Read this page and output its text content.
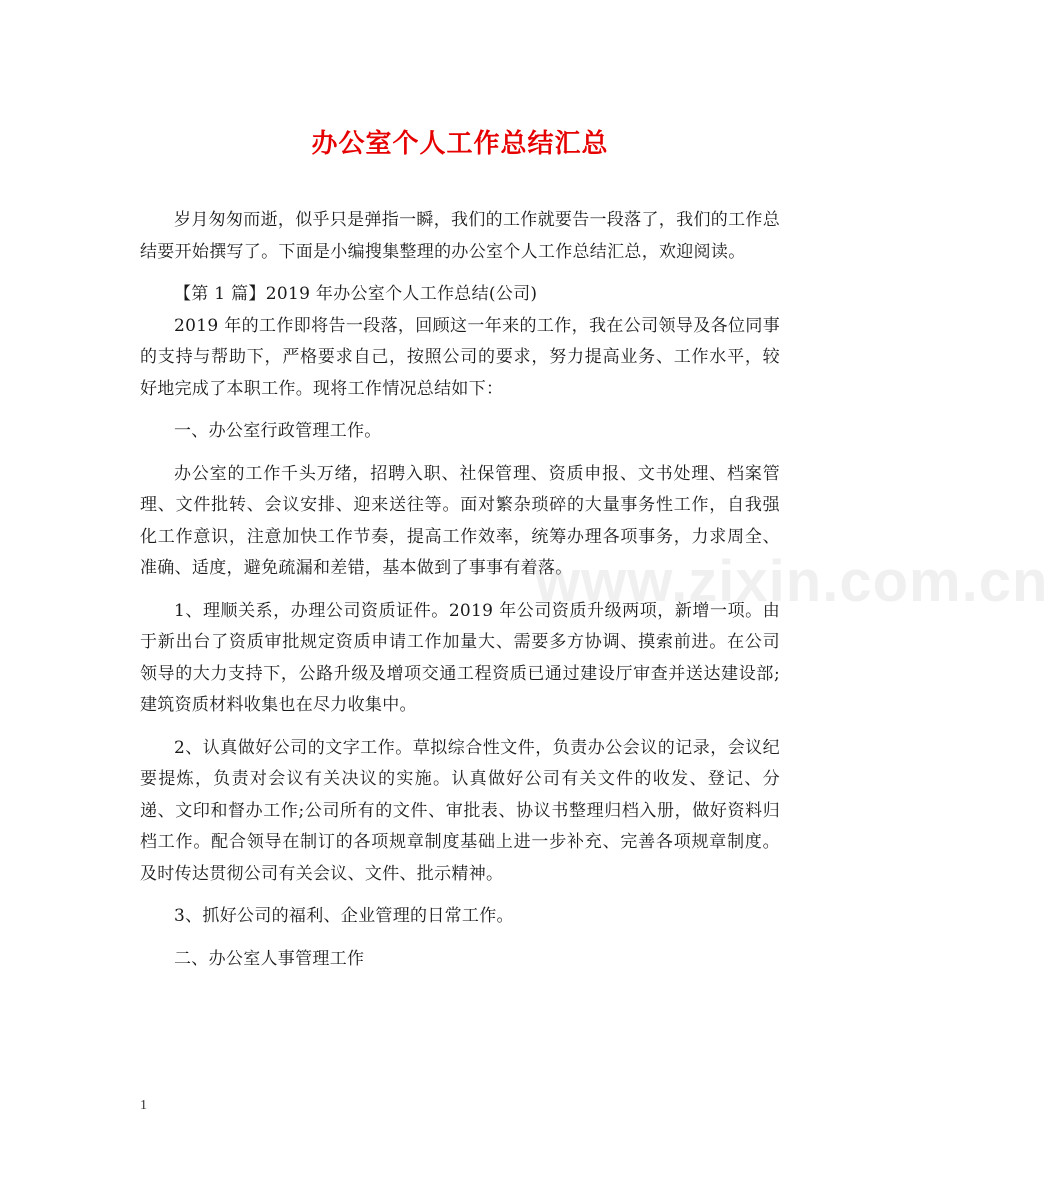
办公室个人工作总结汇总

岁月匆匆而逝，似乎只是弹指一瞬，我们的工作就要告一段落了，我们的工作总结要开始撰写了。下面是小编搜集整理的办公室个人工作总结汇总，欢迎阅读。

【第 1 篇】2019 年办公室个人工作总结(公司)

2019 年的工作即将告一段落，回顾这一年来的工作，我在公司领导及各位同事的支持与帮助下，严格要求自己，按照公司的要求，努力提高业务、工作水平，较好地完成了本职工作。现将工作情况总结如下：

一、办公室行政管理工作。

办公室的工作千头万绪，招聘入职、社保管理、资质申报、文书处理、档案管理、文件批转、会议安排、迎来送往等。面对繁杂琐碎的大量事务性工作，自我强化工作意识，注意加快工作节奏，提高工作效率，统筹办理各项事务，力求周全、准确、适度，避免疏漏和差错，基本做到了事事有着落。

1、理顺关系，办理公司资质证件。2019 年公司资质升级两项，新增一项。由于新出台了资质审批规定资质申请工作加量大、需要多方协调、摸索前进。在公司领导的大力支持下，公路升级及增项交通工程资质已通过建设厅审查并送达建设部;建筑资质材料收集也在尽力收集中。

2、认真做好公司的文字工作。草拟综合性文件，负责办公会议的记录，会议纪要提炼，负责对会议有关决议的实施。认真做好公司有关文件的收发、登记、分递、文印和督办工作;公司所有的文件、审批表、协议书整理归档入册，做好资料归档工作。配合领导在制订的各项规章制度基础上进一步补充、完善各项规章制度。及时传达贯彻公司有关会议、文件、批示精神。

3、抓好公司的福利、企业管理的日常工作。

二、办公室人事管理工作

www.zixin.com.cn
1
